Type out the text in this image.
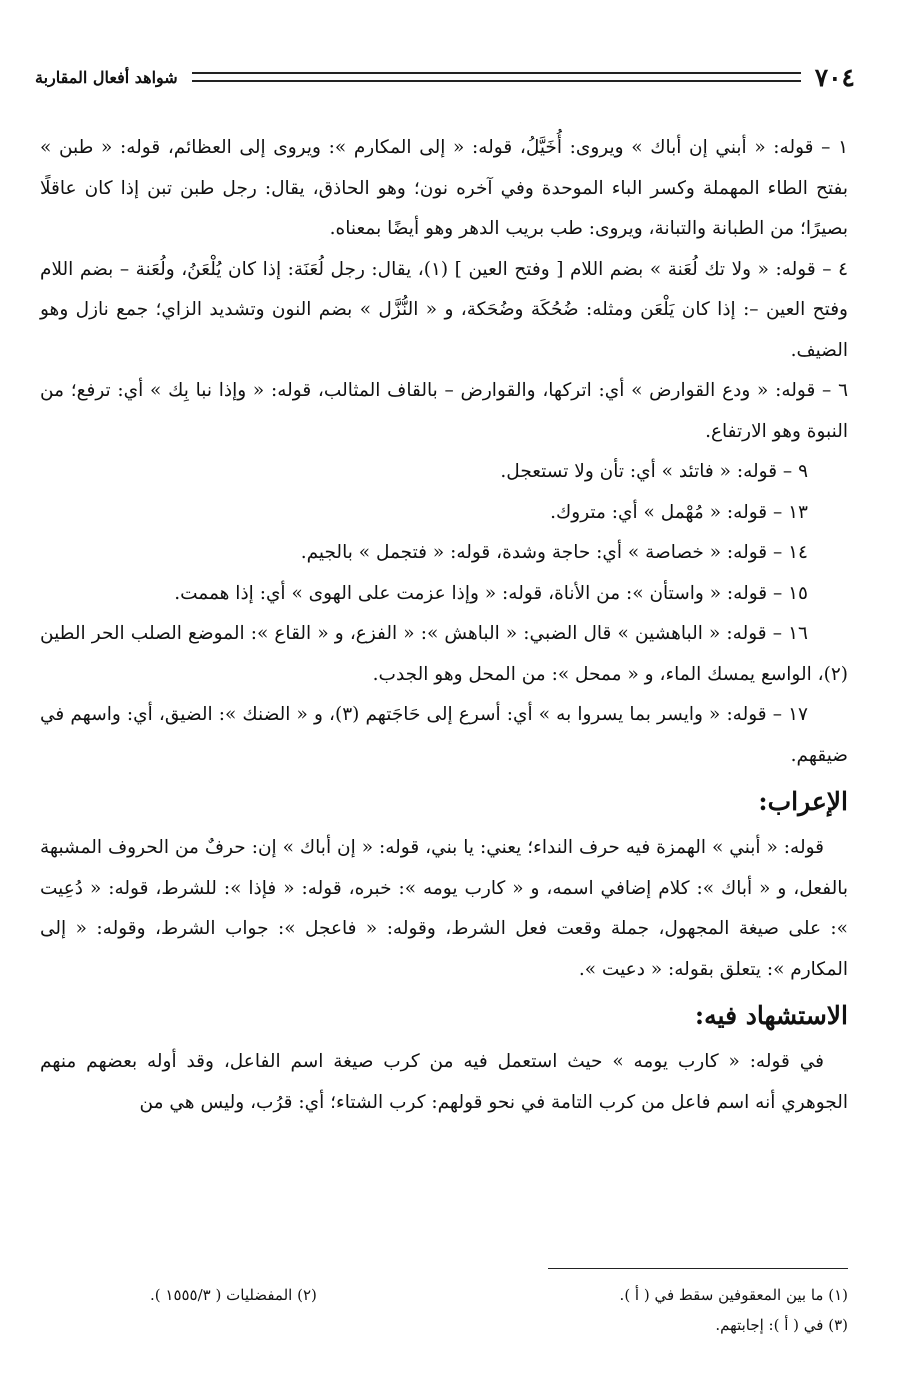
٧٠٤
شواهد أفعال المقاربة

١ – قوله: « أبني إن أباك » ويروى: أُخَيَّلُ، قوله: « إلى المكارم »: ويروى إلى العظائم، قوله: « طبن » بفتح الطاء المهملة وكسر الباء الموحدة وفي آخره نون؛ وهو الحاذق، يقال: رجل طبن تبن إذا كان عاقلًا بصيرًا؛ من الطبانة والتبانة، ويروى: طب بريب الدهر وهو أيضًا بمعناه.

٤ – قوله: « ولا تك لُعَنة » بضم اللام [ وفتح العين ] (١)، يقال: رجل لُعَنَة: إذا كان يُلْعَنُ، ولُعَنة – بضم اللام وفتح العين –: إذا كان يَلْعَن ومثله: ضُحُكَة وضُحَكة، و « النُّزَّل » بضم النون وتشديد الزاي؛ جمع نازل وهو الضيف.

٦ – قوله: « ودع القوارض » أي: اتركها، والقوارض – بالقاف المثالب، قوله: « وإذا نبا بِك » أي: ترفع؛ من النبوة وهو الارتفاع.

٩ – قوله: « فاتئد » أي: تأن ولا تستعجل.

١٣ – قوله: « مُهْمل » أي: متروك.

١٤ – قوله: « خصاصة » أي: حاجة وشدة، قوله: « فتجمل » بالجيم.

١٥ – قوله: « واستأن »: من الأناة، قوله: « وإذا عزمت على الهوى » أي: إذا هممت.

١٦ – قوله: « الباهشين » قال الضبي: « الباهش »: « الفزع، و « القاع »: الموضع الصلب الحر الطين (٢)، الواسع يمسك الماء، و « ممحل »: من المحل وهو الجدب.

١٧ – قوله: « وايسر بما يسروا به » أي: أسرع إلى حَاجَتهم (٣)، و « الضنك »: الضيق، أي: واسهم في ضيقهم.

الإعراب:

قوله: « أبني » الهمزة فيه حرف النداء؛ يعني: يا بني، قوله: « إن أباك » إن: حرفٌ من الحروف المشبهة بالفعل، و « أباك »: كلام إضافي اسمه، و « كارب يومه »: خبره، قوله: « فإذا »: للشرط، قوله: « دُعِيت »: على صيغة المجهول، جملة وقعت فعل الشرط، وقوله: « فاعجل »: جواب الشرط، وقوله: « إلى المكارم »: يتعلق بقوله: « دعيت ».

الاستشهاد فيه:

في قوله: « كارب يومه » حيث استعمل فيه من كرب صيغة اسم الفاعل، وقد أوله بعضهم منهم الجوهري أنه اسم فاعل من كرب التامة في نحو قولهم: كرب الشتاء؛ أي: قرُب، وليس هي من

(١) ما بين المعقوفين سقط في ( أ ).
(٢) المفضليات ( ١٥٥٥/٣ ).
(٣) في ( أ ): إجابتهم.
